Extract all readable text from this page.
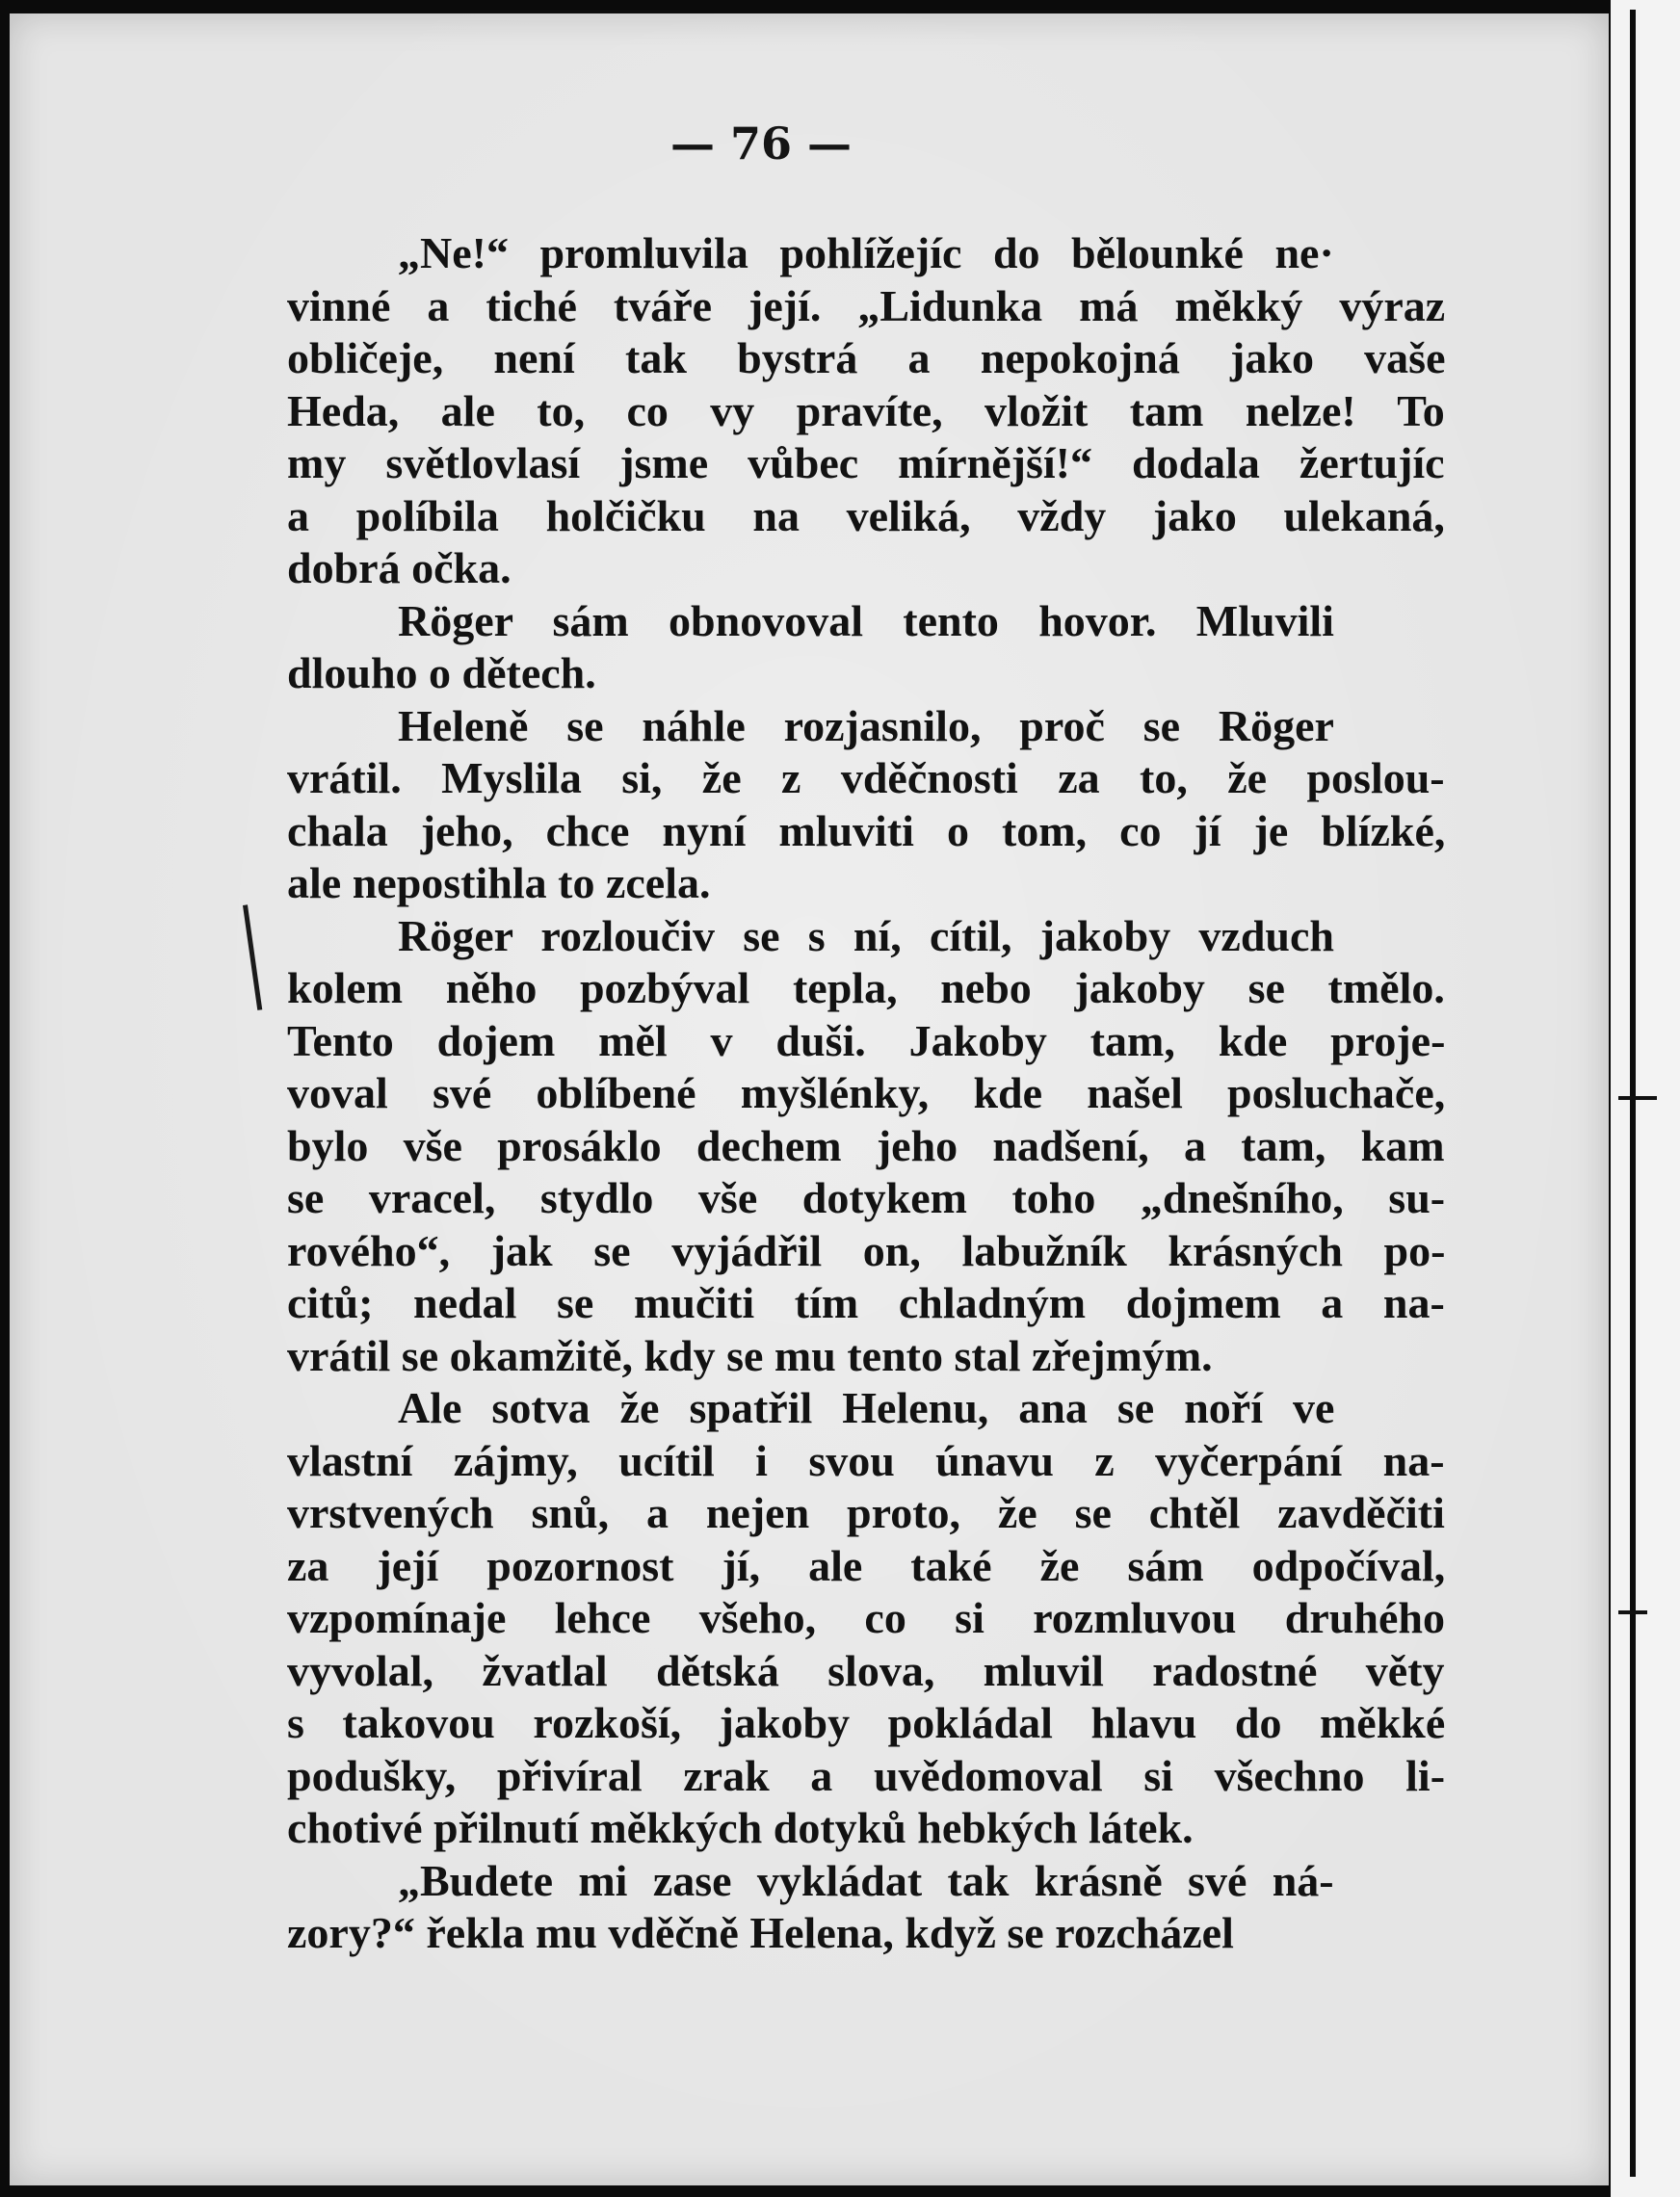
— 76 —
„Ne!“ promluvila pohlížejíc do bělounké ne·
vinné a tiché tváře její. „Lidunka má měkký výraz
obličeje, není tak bystrá a nepokojná jako vaše
Heda, ale to, co vy pravíte, vložit tam nelze! To
my světlovlasí jsme vůbec mírnější!“ dodala žertujíc
a políbila holčičku na veliká, vždy jako ulekaná,
dobrá očka.
Röger sám obnovoval tento hovor. Mluvili
dlouho o dětech.
Heleně se náhle rozjasnilo, proč se Röger
vrátil. Myslila si, že z vděčnosti za to, že poslou-
chala jeho, chce nyní mluviti o tom, co jí je blízké,
ale nepostihla to zcela.
Röger rozloučiv se s ní, cítil, jakoby vzduch
kolem něho pozbýval tepla, nebo jakoby se tmělo.
Tento dojem měl v duši. Jakoby tam, kde proje-
voval své oblíbené myšlénky, kde našel posluchače,
bylo vše prosáklo dechem jeho nadšení, a tam, kam
se vracel, stydlo vše dotykem toho „dnešního, su-
rového“, jak se vyjádřil on, labužník krásných po-
citů; nedal se mučiti tím chladným dojmem a na-
vrátil se okamžitě, kdy se mu tento stal zřejmým.
Ale sotva že spatřil Helenu, ana se noří ve
vlastní zájmy, ucítil i svou únavu z vyčerpání na-
vrstvených snů, a nejen proto, že se chtěl zavděčiti
za její pozornost jí, ale také že sám odpočíval,
vzpomínaje lehce všeho, co si rozmluvou druhého
vyvolal, žvatlal dětská slova, mluvil radostné věty
s takovou rozkoší, jakoby pokládal hlavu do měkké
podušky, přivíral zrak a uvědomoval si všechno li-
chotivé přilnutí měkkých dotyků hebkých látek.
„Budete mi zase vykládat tak krásně své ná-
zory?“ řekla mu vděčně Helena, když se rozcházel
